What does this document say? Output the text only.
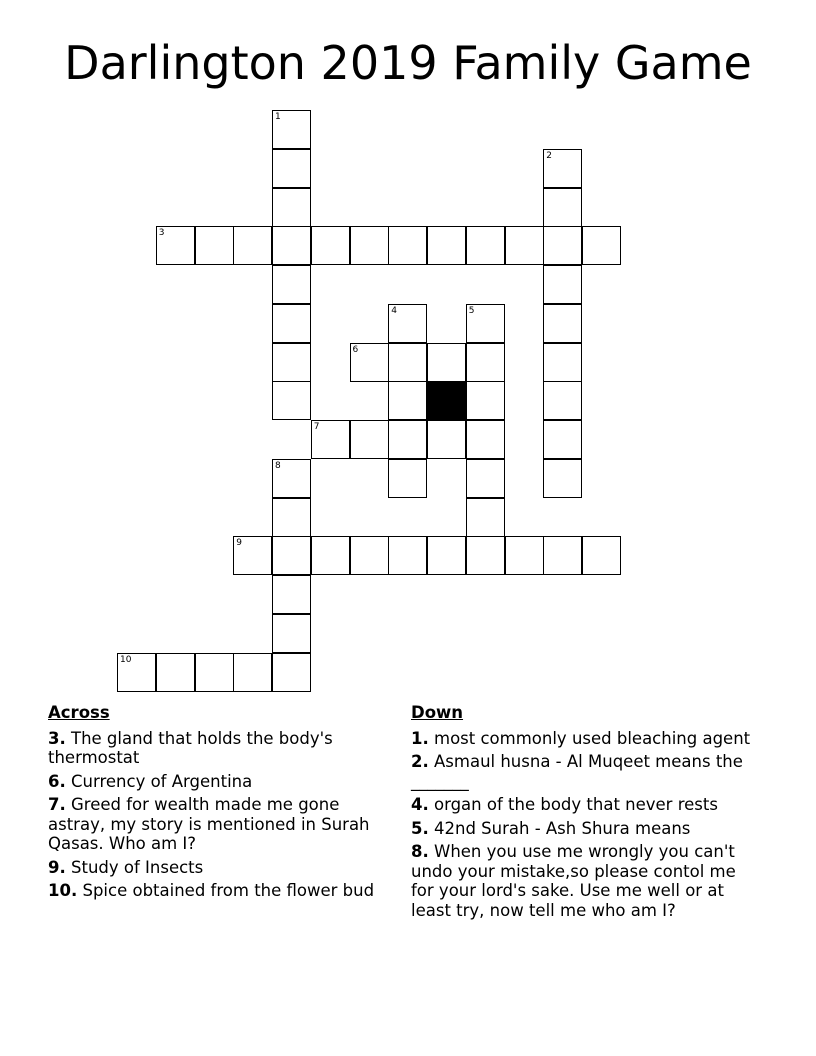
Darlington 2019 Family Game
1
2
3
4	5
6
7
8
9
10
Across
3. The gland that holds the body's thermostat
6. Currency of Argentina
7. Greed for wealth made me gone astray, my story is mentioned in Surah Qasas. Who am I?
9. Study of Insects
10. Spice obtained from the flower bud
Down
1. most commonly used bleaching agent
2. Asmaul husna - Al Muqeet means the _______
4. organ of the body that never rests
5. 42nd Surah - Ash Shura means
8. When you use me wrongly you can't undo your mistake,so please contol me for your lord's sake. Use me well or at least try, now tell me who am I?
